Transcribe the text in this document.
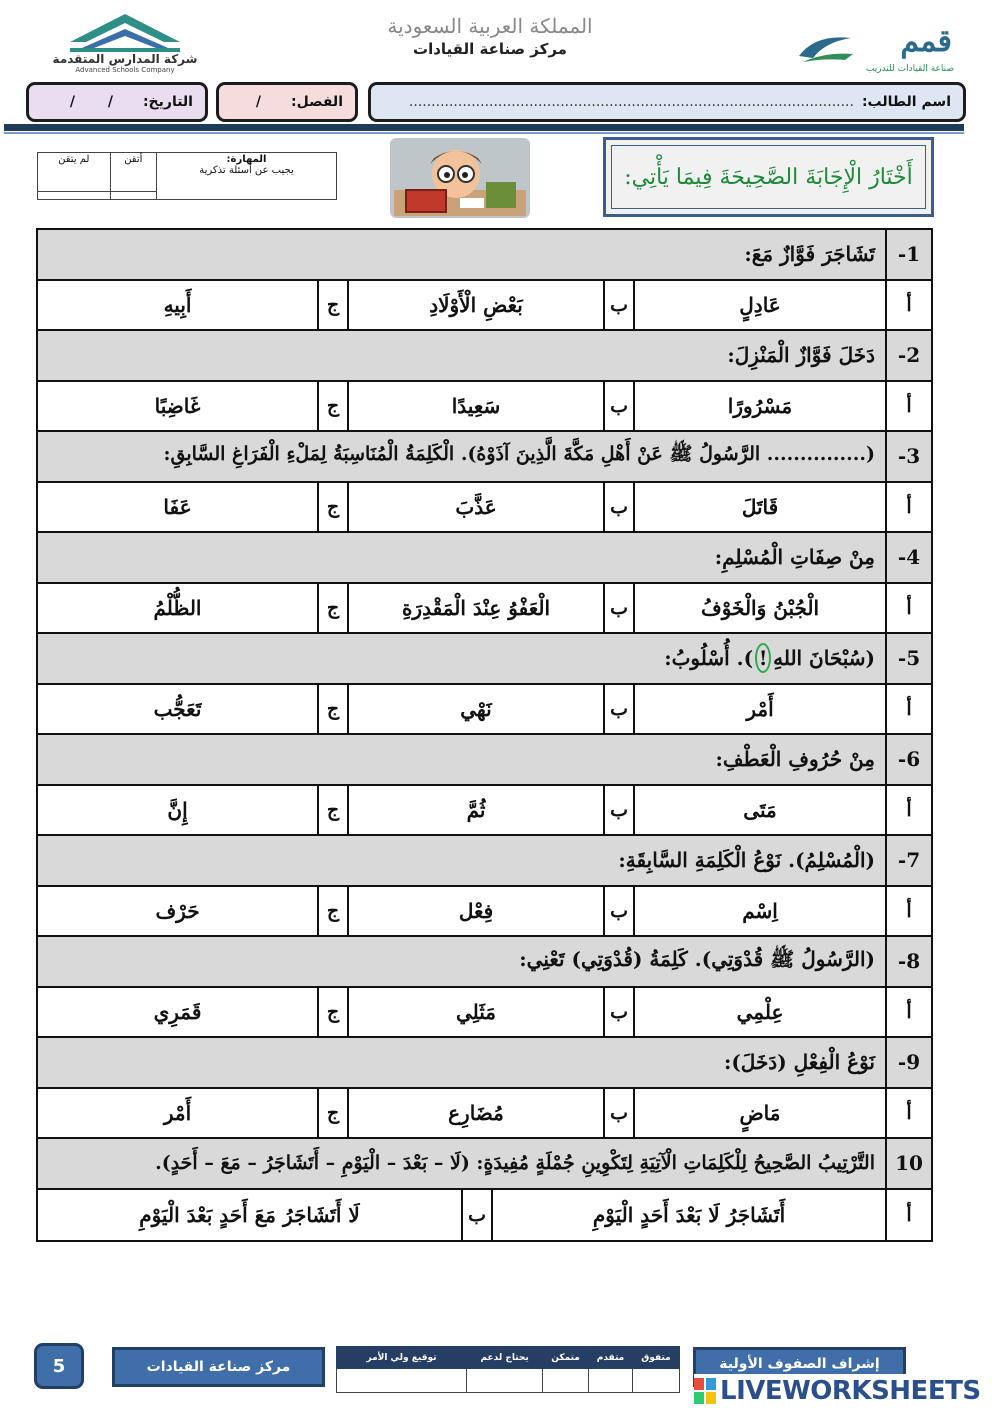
شركة المدارس المتقدمة
Advanced Schools Company
المملكة العربية السعودية
مركز صناعة القيادات	قمم
صناعة القيادات للتدريب
اسم الطالب:
....................................................................................................
الفصل:
/
التاريخ:
/ /
المهارة:
يجيب عن أسئلة تذكرية	أتقن	لم يتقن

أَخْتَارُ الْإِجَابَةَ الصَّحِيحَةَ فِيمَا يَأْتِي:
1-
تَشَاجَرَ فَوَّازٌ مَعَ:
أ
عَادِلٍ
ب
بَعْضِ الْأَوْلَادِ
ج
أَبِيهِ
2-
دَخَلَ فَوَّازٌ الْمَنْزِلَ:
أ
مَسْرُورًا
ب
سَعِيدًا
ج
غَاضِبًا
3-
(............... الرَّسُولُ ﷺ عَنْ أَهْلِ مَكَّةَ الَّذِينَ آذَوْهُ). الْكَلِمَةُ الْمُنَاسِبَةُ لِمَلْءِ الْفَرَاغِ السَّابِقِ:
أ
قَاتَلَ
ب
عَذَّبَ
ج
عَفَا
4-
مِنْ صِفَاتِ الْمُسْلِمِ:
أ
الْجُبْنُ وَالْخَوْفُ
ب
الْعَفْوُ عِنْدَ الْمَقْدِرَةِ
ج
الظُّلْمُ
5-
(سُبْحَانَ اللهِ
!
). أُسْلُوبُ:
أ
أَمْر
ب
نَهْي
ج
تَعَجُّب
6-
مِنْ حُرُوفِ الْعَطْفِ:
أ
مَتَى
ب
ثُمَّ
ج
إِنَّ
7-
(الْمُسْلِمُ). نَوْعُ الْكَلِمَةِ السَّابِقَةِ:
أ
اِسْم
ب
فِعْل
ج
حَرْف
8-
(الرَّسُولُ ﷺ قُدْوَتِي). كَلِمَةُ (قُدْوَتِي) تَعْنِي:
أ
عِلْمِي
ب
مَثَلِي
ج
قَمَرِي
9-
نَوْعُ الْفِعْلِ (دَخَلَ):
أ
مَاضٍ
ب
مُضَارِع
ج
أَمْر
10
التَّرْتِيبُ الصَّحِيحُ لِلْكَلِمَاتِ الْآتِيَةِ لِتَكْوِينِ جُمْلَةٍ مُفِيدَةٍ: (لَا – بَعْدَ – الْيَوْمِ – أَتَشَاجَرُ – مَعَ – أَحَدٍ).
أ
أَتَشَاجَرُ لَا بَعْدَ أَحَدٍ الْيَوْمِ
ب
لَا أَتَشَاجَرُ مَعَ أَحَدٍ بَعْدَ الْيَوْمِ
5	مركز صناعة القيادات
متفوق	متقدم	متمكن	يحتاج لدعم	توقيع ولي الأمر
					إشراف الصفوف الأولية
LIVEWORKSHEETS
